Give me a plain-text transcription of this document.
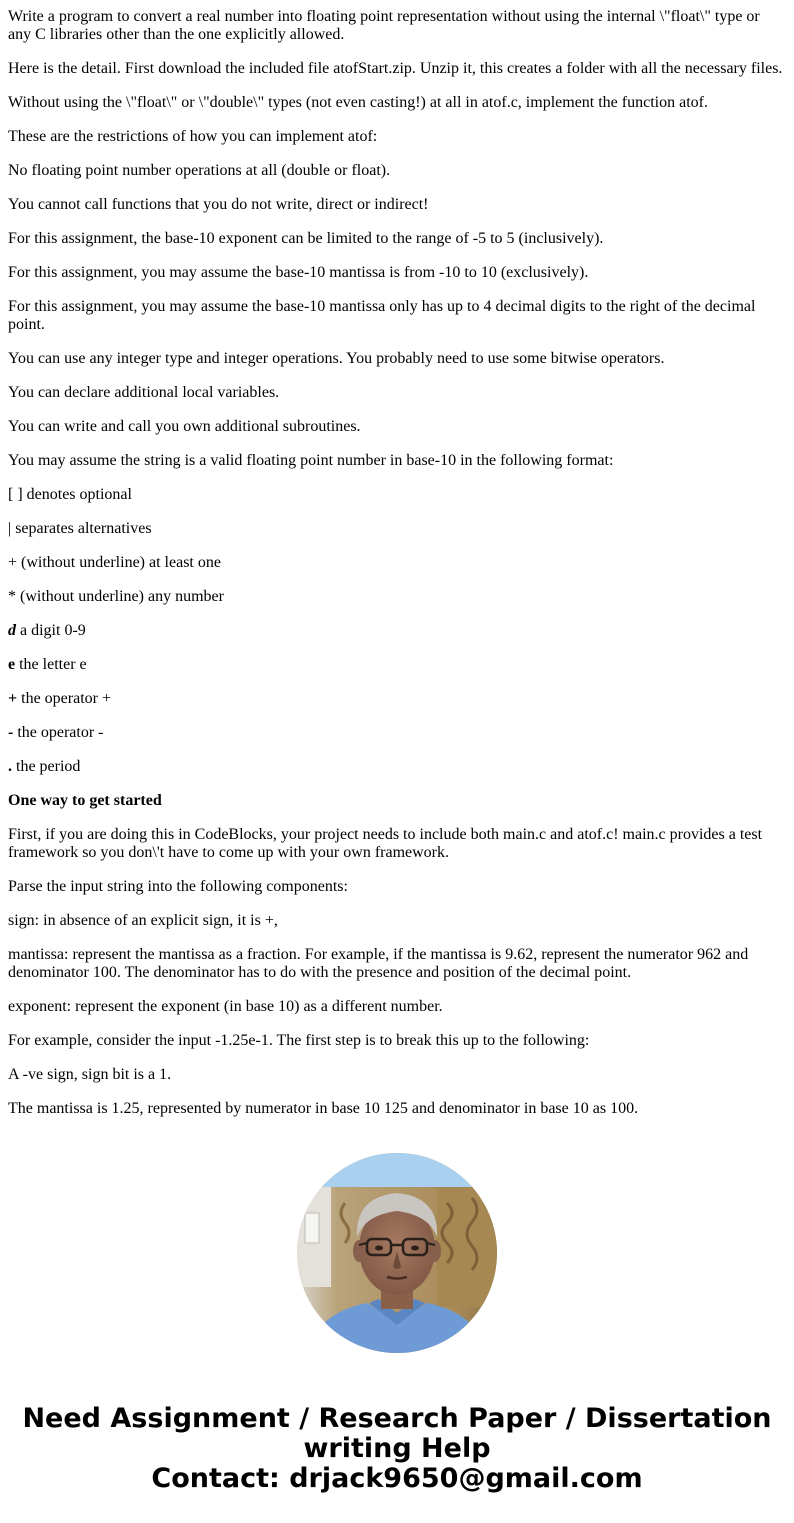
Write a program to convert a real number into floating point representation without using the internal \"float\" type or any C libraries other than the one explicitly allowed.

Here is the detail. First download the included file atofStart.zip. Unzip it, this creates a folder with all the necessary files.

Without using the \"float\" or \"double\" types (not even casting!) at all in atof.c, implement the function atof.

These are the restrictions of how you can implement atof:

No floating point number operations at all (double or float).

You cannot call functions that you do not write, direct or indirect!

For this assignment, the base-10 exponent can be limited to the range of -5 to 5 (inclusively).

For this assignment, you may assume the base-10 mantissa is from -10 to 10 (exclusively).

For this assignment, you may assume the base-10 mantissa only has up to 4 decimal digits to the right of the decimal point.

You can use any integer type and integer operations. You probably need to use some bitwise operators.

You can declare additional local variables.

You can write and call you own additional subroutines.

You may assume the string is a valid floating point number in base-10 in the following format:

[ ] denotes optional

| separates alternatives

+ (without underline) at least one

* (without underline) any number

d a digit 0-9

e the letter e

+ the operator +

- the operator -

. the period

One way to get started

First, if you are doing this in CodeBlocks, your project needs to include both main.c and atof.c! main.c provides a test framework so you don\'t have to come up with your own framework.

Parse the input string into the following components:

sign: in absence of an explicit sign, it is +,

mantissa: represent the mantissa as a fraction. For example, if the mantissa is 9.62, represent the numerator 962 and denominator 100. The denominator has to do with the presence and position of the decimal point.

exponent: represent the exponent (in base 10) as a different number.

For example, consider the input -1.25e-1. The first step is to break this up to the following:

A -ve sign, sign bit is a 1.

The mantissa is 1.25, represented by numerator in base 10 125 and denominator in base 10 as 100.

Need Assignment / Research Paper / Dissertation
writing Help
Contact: drjack9650@gmail.com
